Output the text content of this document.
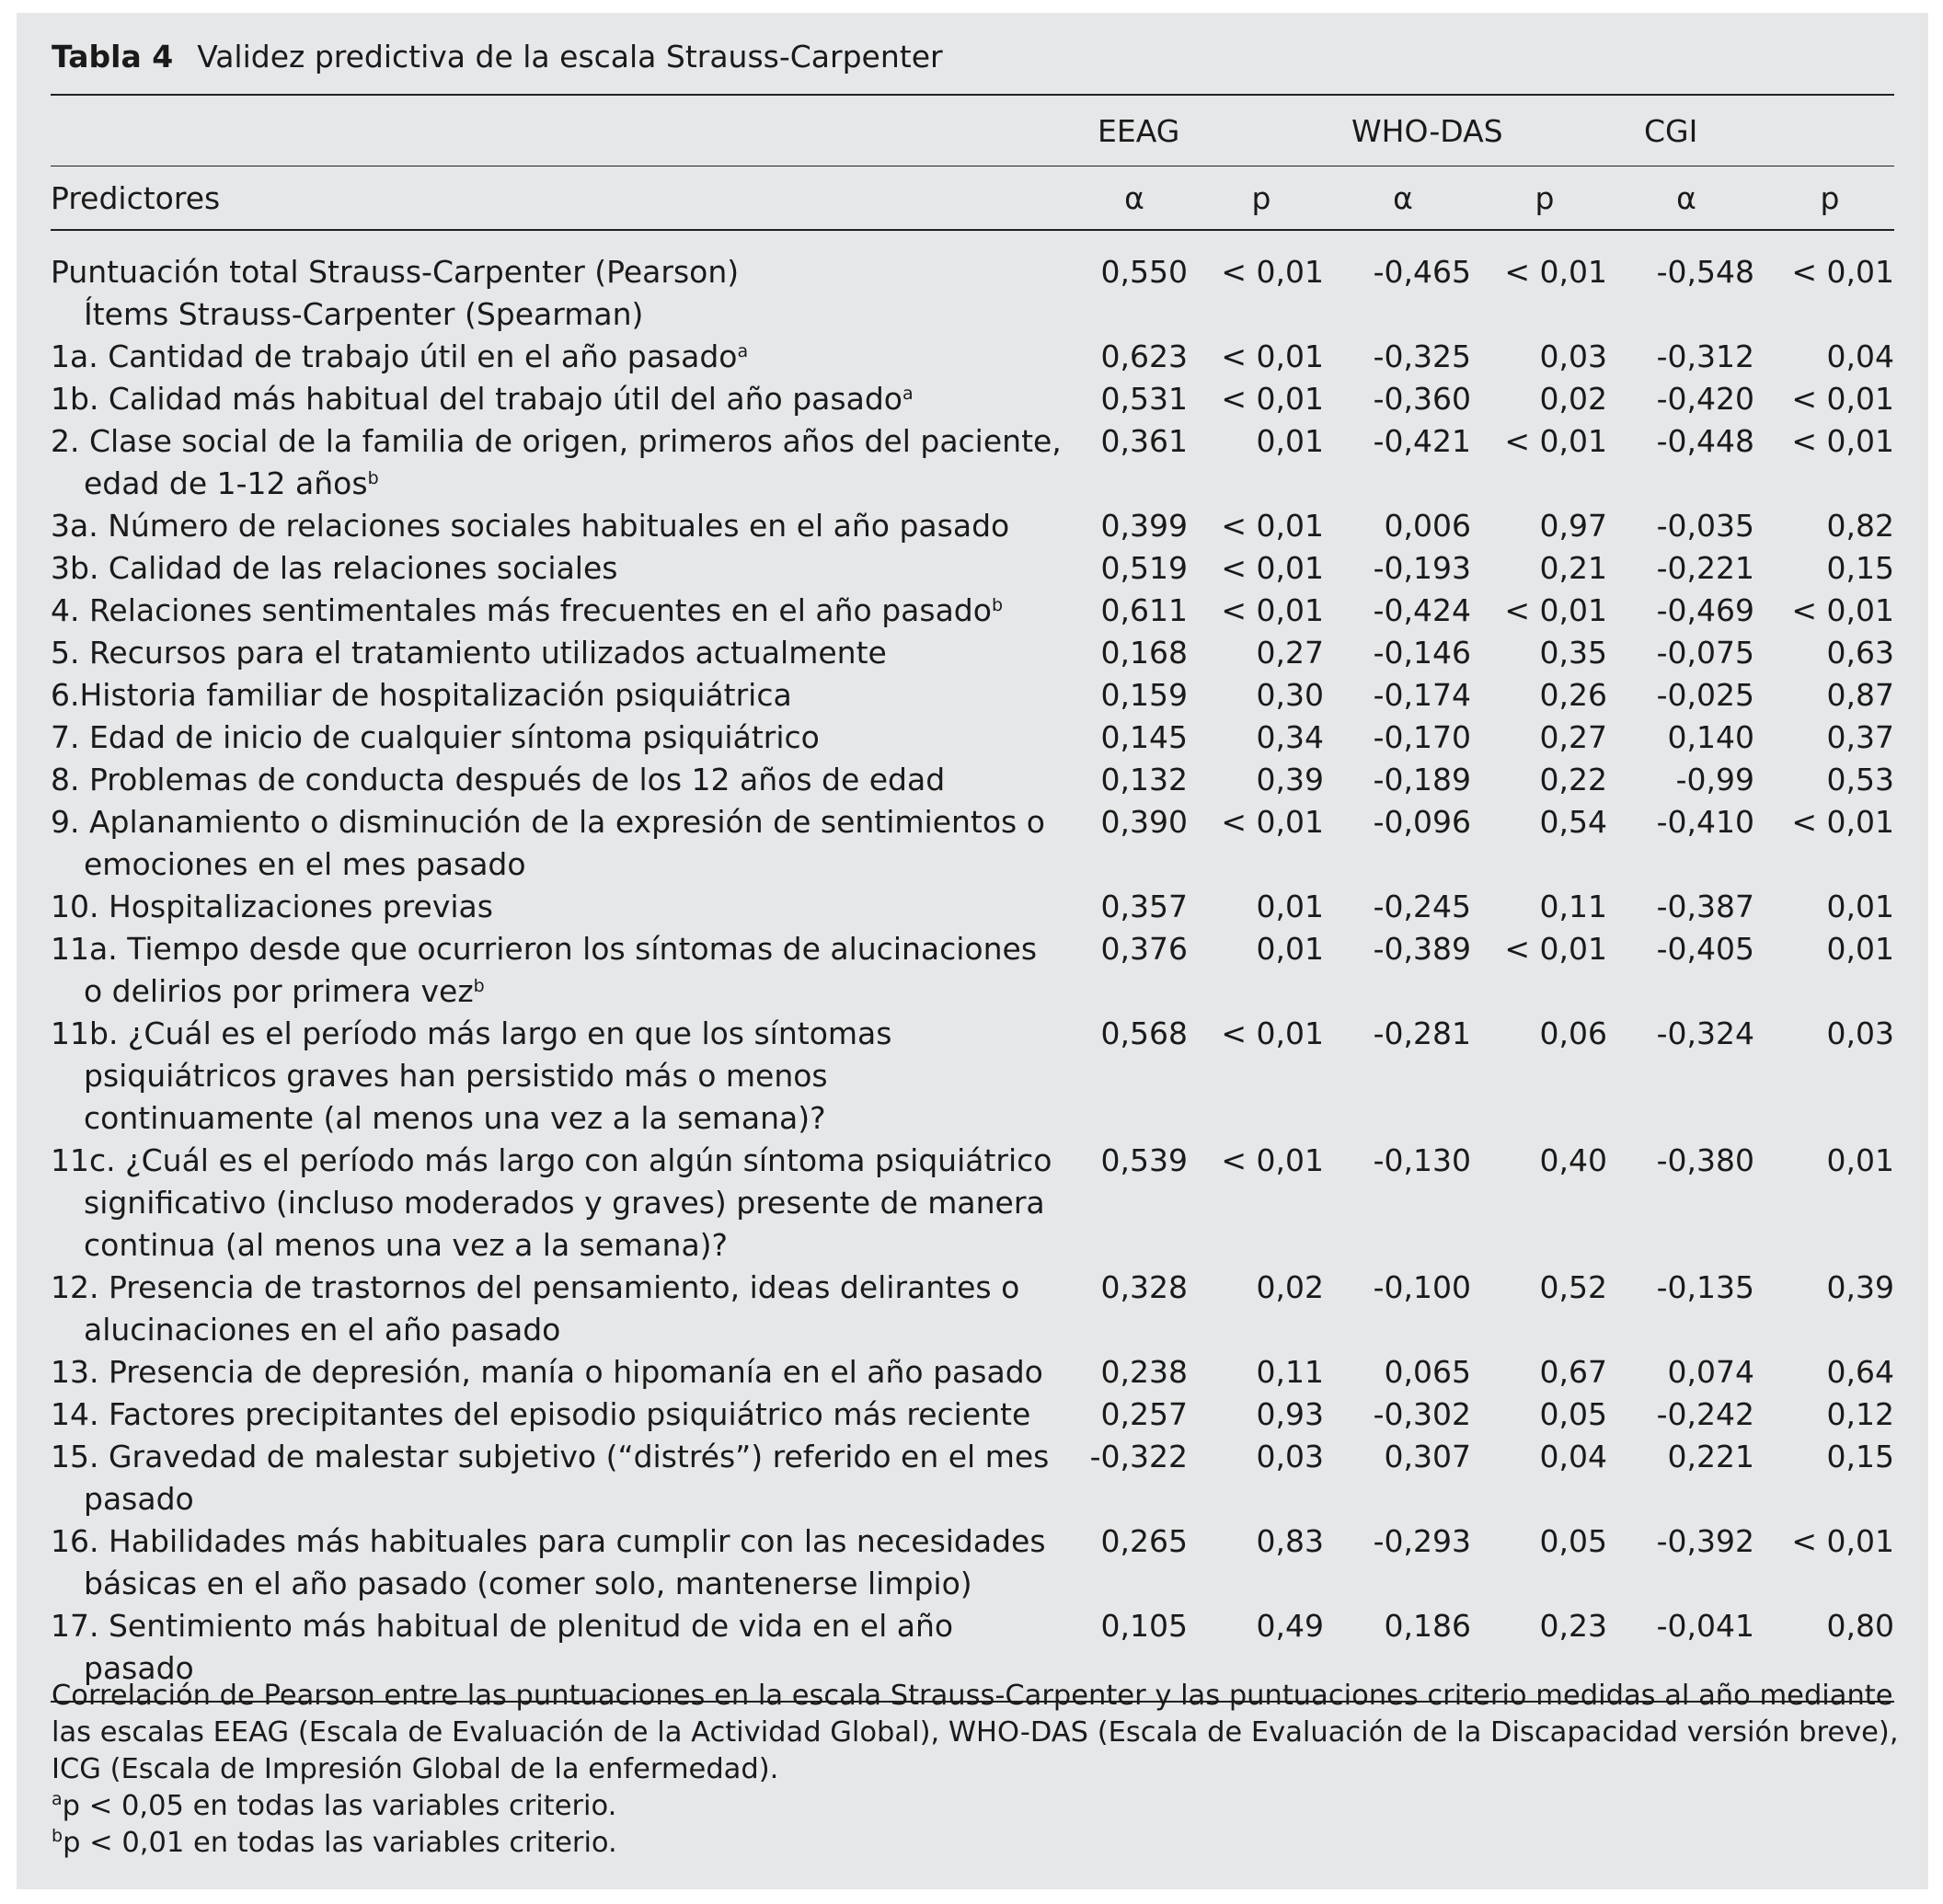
Tabla 4 Validez predictiva de la escala Strauss-Carpenter
	EEAG		WHO-DAS		CGI	
Predictores	α	p	α	p	α	p

Puntuación total Strauss-Carpenter (Pearson)	0,550	< 0,01	-0,465	< 0,01	-0,548	< 0,01

Ítems Strauss-Carpenter (Spearman)						

1a. Cantidad de trabajo útil en el año pasado$^a$	0,623	< 0,01	-0,325	0,03	-0,312	0,04

1b. Calidad más habitual del trabajo útil del año pasado$^a$	0,531	< 0,01	-0,360	0,02	-0,420	< 0,01

2. Clase social de la familia de origen, primeros años del paciente, edad de 1-12 años$^b$	0,361	0,01	-0,421	< 0,01	-0,448	< 0,01

3a. Número de relaciones sociales habituales en el año pasado	0,399	< 0,01	0,006	0,97	-0,035	0,82

3b. Calidad de las relaciones sociales	0,519	< 0,01	-0,193	0,21	-0,221	0,15

4. Relaciones sentimentales más frecuentes en el año pasado$^b$	0,611	< 0,01	-0,424	< 0,01	-0,469	< 0,01

5. Recursos para el tratamiento utilizados actualmente	0,168	0,27	-0,146	0,35	-0,075	0,63

6.Historia familiar de hospitalización psiquiátrica	0,159	0,30	-0,174	0,26	-0,025	0,87

7. Edad de inicio de cualquier síntoma psiquiátrico	0,145	0,34	-0,170	0,27	0,140	0,37

8. Problemas de conducta después de los 12 años de edad	0,132	0,39	-0,189	0,22	-0,99	0,53

9. Aplanamiento o disminución de la expresión de sentimientos o emociones en el mes pasado	0,390	< 0,01	-0,096	0,54	-0,410	< 0,01

10. Hospitalizaciones previas	0,357	0,01	-0,245	0,11	-0,387	0,01

11a. Tiempo desde que ocurrieron los síntomas de alucinaciones o delirios por primera vez$^b$	0,376	0,01	-0,389	< 0,01	-0,405	0,01

11b. ¿Cuál es el período más largo en que los síntomas psiquiátricos graves han persistido más o menos continuamente (al menos una vez a la semana)?	0,568	< 0,01	-0,281	0,06	-0,324	0,03

11c. ¿Cuál es el período más largo con algún síntoma psiquiátrico significativo (incluso moderados y graves) presente de manera continua (al menos una vez a la semana)?	0,539	< 0,01	-0,130	0,40	-0,380	0,01

12. Presencia de trastornos del pensamiento, ideas delirantes o alucinaciones en el año pasado	0,328	0,02	-0,100	0,52	-0,135	0,39

13. Presencia de depresión, manía o hipomanía en el año pasado	0,238	0,11	0,065	0,67	0,074	0,64

14. Factores precipitantes del episodio psiquiátrico más reciente	0,257	0,93	-0,302	0,05	-0,242	0,12

15. Gravedad de malestar subjetivo (“distrés”) referido en el mes pasado	-0,322	0,03	0,307	0,04	0,221	0,15

16. Habilidades más habituales para cumplir con las necesidades básicas en el año pasado (comer solo, mantenerse limpio)	0,265	0,83	-0,293	0,05	-0,392	< 0,01

17. Sentimiento más habitual de plenitud de vida en el año pasado	0,105	0,49	0,186	0,23	-0,041	0,80

Correlación de Pearson entre las puntuaciones en la escala Strauss-Carpenter y las puntuaciones criterio medidas al año mediante las escalas EEAG (Escala de Evaluación de la Actividad Global), WHO-DAS (Escala de Evaluación de la Discapacidad versión breve), ICG (Escala de Impresión Global de la enfermedad).

$^a$p < 0,05 en todas las variables criterio.

$^b$p < 0,01 en todas las variables criterio.
